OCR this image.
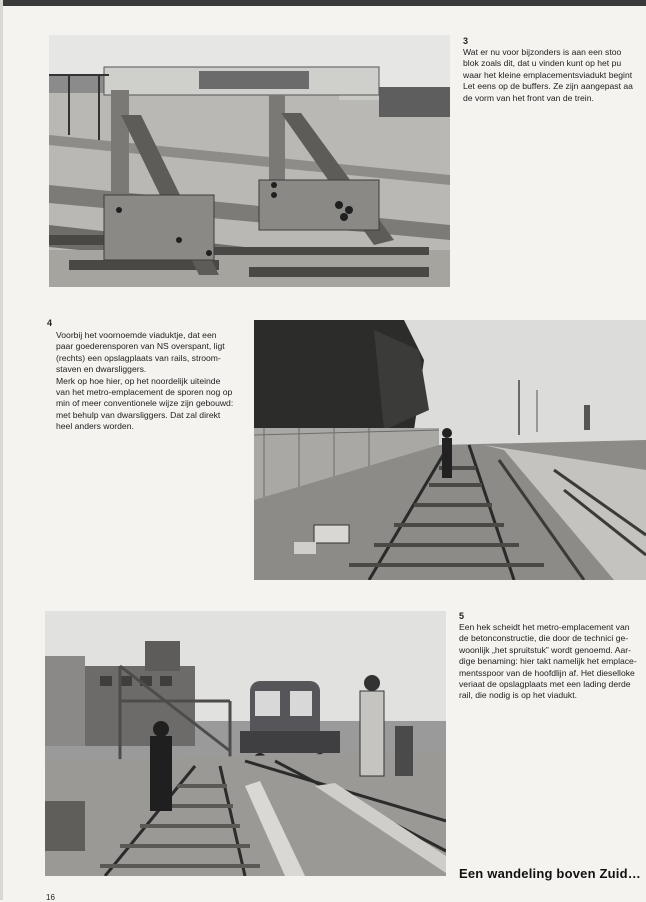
3
Wat er nu voor bijzonders is aan een stoo
blok zoals dit, dat u vinden kunt op het pu
waar het kleine emplacementsviadukt begint
Let eens op de buffers. Ze zijn aangepast aa
de vorm van het front van de trein.
4
Voorbij het voornoemde viaduktje, dat een
paar goederensporen van NS overspant, ligt
(rechts) een opslagplaats van rails, stroom-
staven en dwarsliggers.
Merk op hoe hier, op het noordelijk uiteinde
van het metro-emplacement de sporen nog op
min of meer conventionele wijze zijn gebouwd:
met behulp van dwarsliggers. Dat zal direkt
heel anders worden.
5
Een hek scheidt het metro-emplacement van
de betonconstructie, die door de technici ge-
woonlijk „het spruitstuk” wordt genoemd. Aar-
dige benaming: hier takt namelijk het emplace-
mentsspoor van de hoofdlijn af. Het dieselloke
veriaat de opslagplaats met een lading derde
rail, die nodig is op het viadukt.
Een wandeling boven Zuid…
16
